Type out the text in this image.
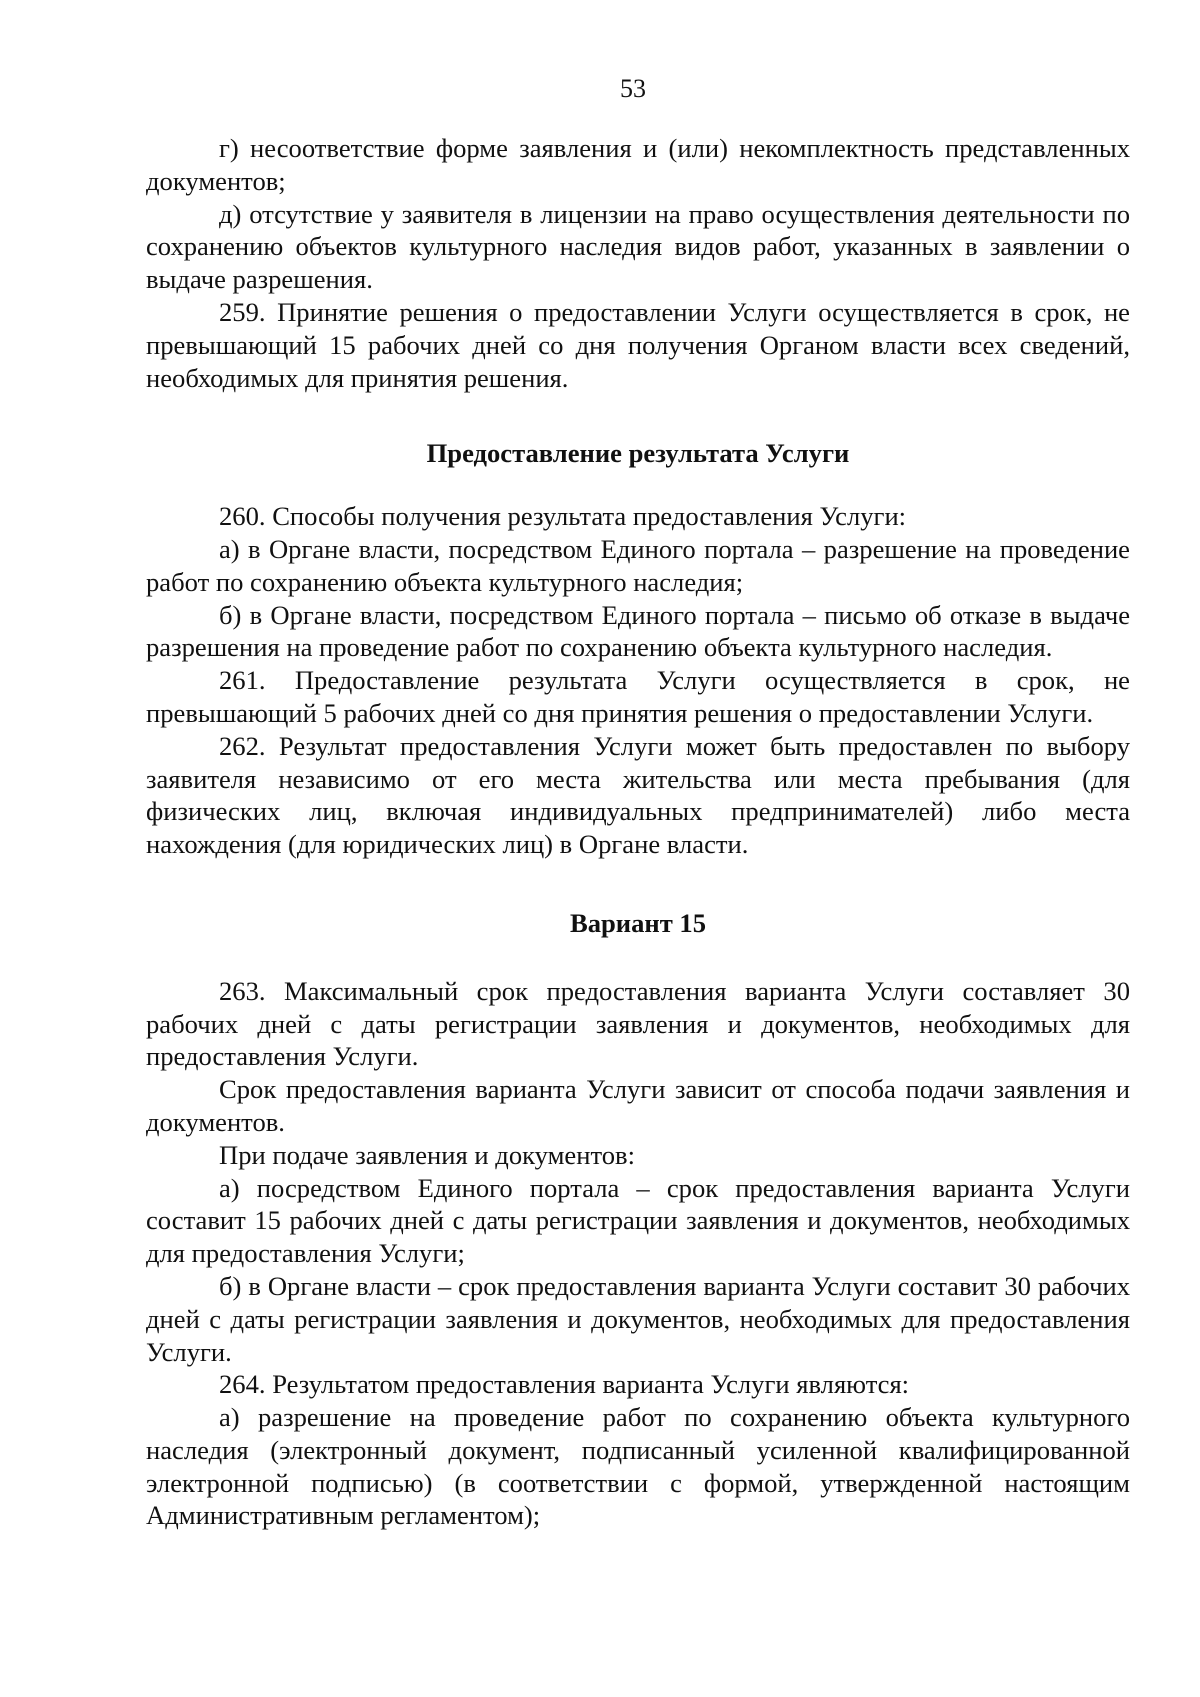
53

г) несоответствие форме заявления и (или) некомплектность представленных документов;

д) отсутствие у заявителя в лицензии на право осуществления деятельности по сохранению объектов культурного наследия видов работ, указанных в заявлении о выдаче разрешения.

259. Принятие решения о предоставлении Услуги осуществляется в срок, не превышающий 15 рабочих дней со дня получения Органом власти всех сведений, необходимых для принятия решения.

Предоставление результата Услуги

260. Способы получения результата предоставления Услуги:

а) в Органе власти, посредством Единого портала – разрешение на проведение работ по сохранению объекта культурного наследия;

б) в Органе власти, посредством Единого портала – письмо об отказе в выдаче разрешения на проведение работ по сохранению объекта культурного наследия.

261. Предоставление результата Услуги осуществляется в срок, не превышающий 5 рабочих дней со дня принятия решения о предоставлении Услуги.

262. Результат предоставления Услуги может быть предоставлен по выбору заявителя независимо от его места жительства или места пребывания (для физических лиц, включая индивидуальных предпринимателей) либо места нахождения (для юридических лиц) в Органе власти.

Вариант 15

263. Максимальный срок предоставления варианта Услуги составляет 30 рабочих дней с даты регистрации заявления и документов, необходимых для предоставления Услуги.

Срок предоставления варианта Услуги зависит от способа подачи заявления и документов.

При подаче заявления и документов:

а) посредством Единого портала – срок предоставления варианта Услуги составит 15 рабочих дней с даты регистрации заявления и документов, необходимых для предоставления Услуги;

б) в Органе власти – срок предоставления варианта Услуги составит 30 рабочих дней с даты регистрации заявления и документов, необходимых для предоставления Услуги.

264. Результатом предоставления варианта Услуги являются:

а) разрешение на проведение работ по сохранению объекта культурного наследия (электронный документ, подписанный усиленной квалифицированной электронной подписью) (в соответствии с формой, утвержденной настоящим Административным регламентом);
